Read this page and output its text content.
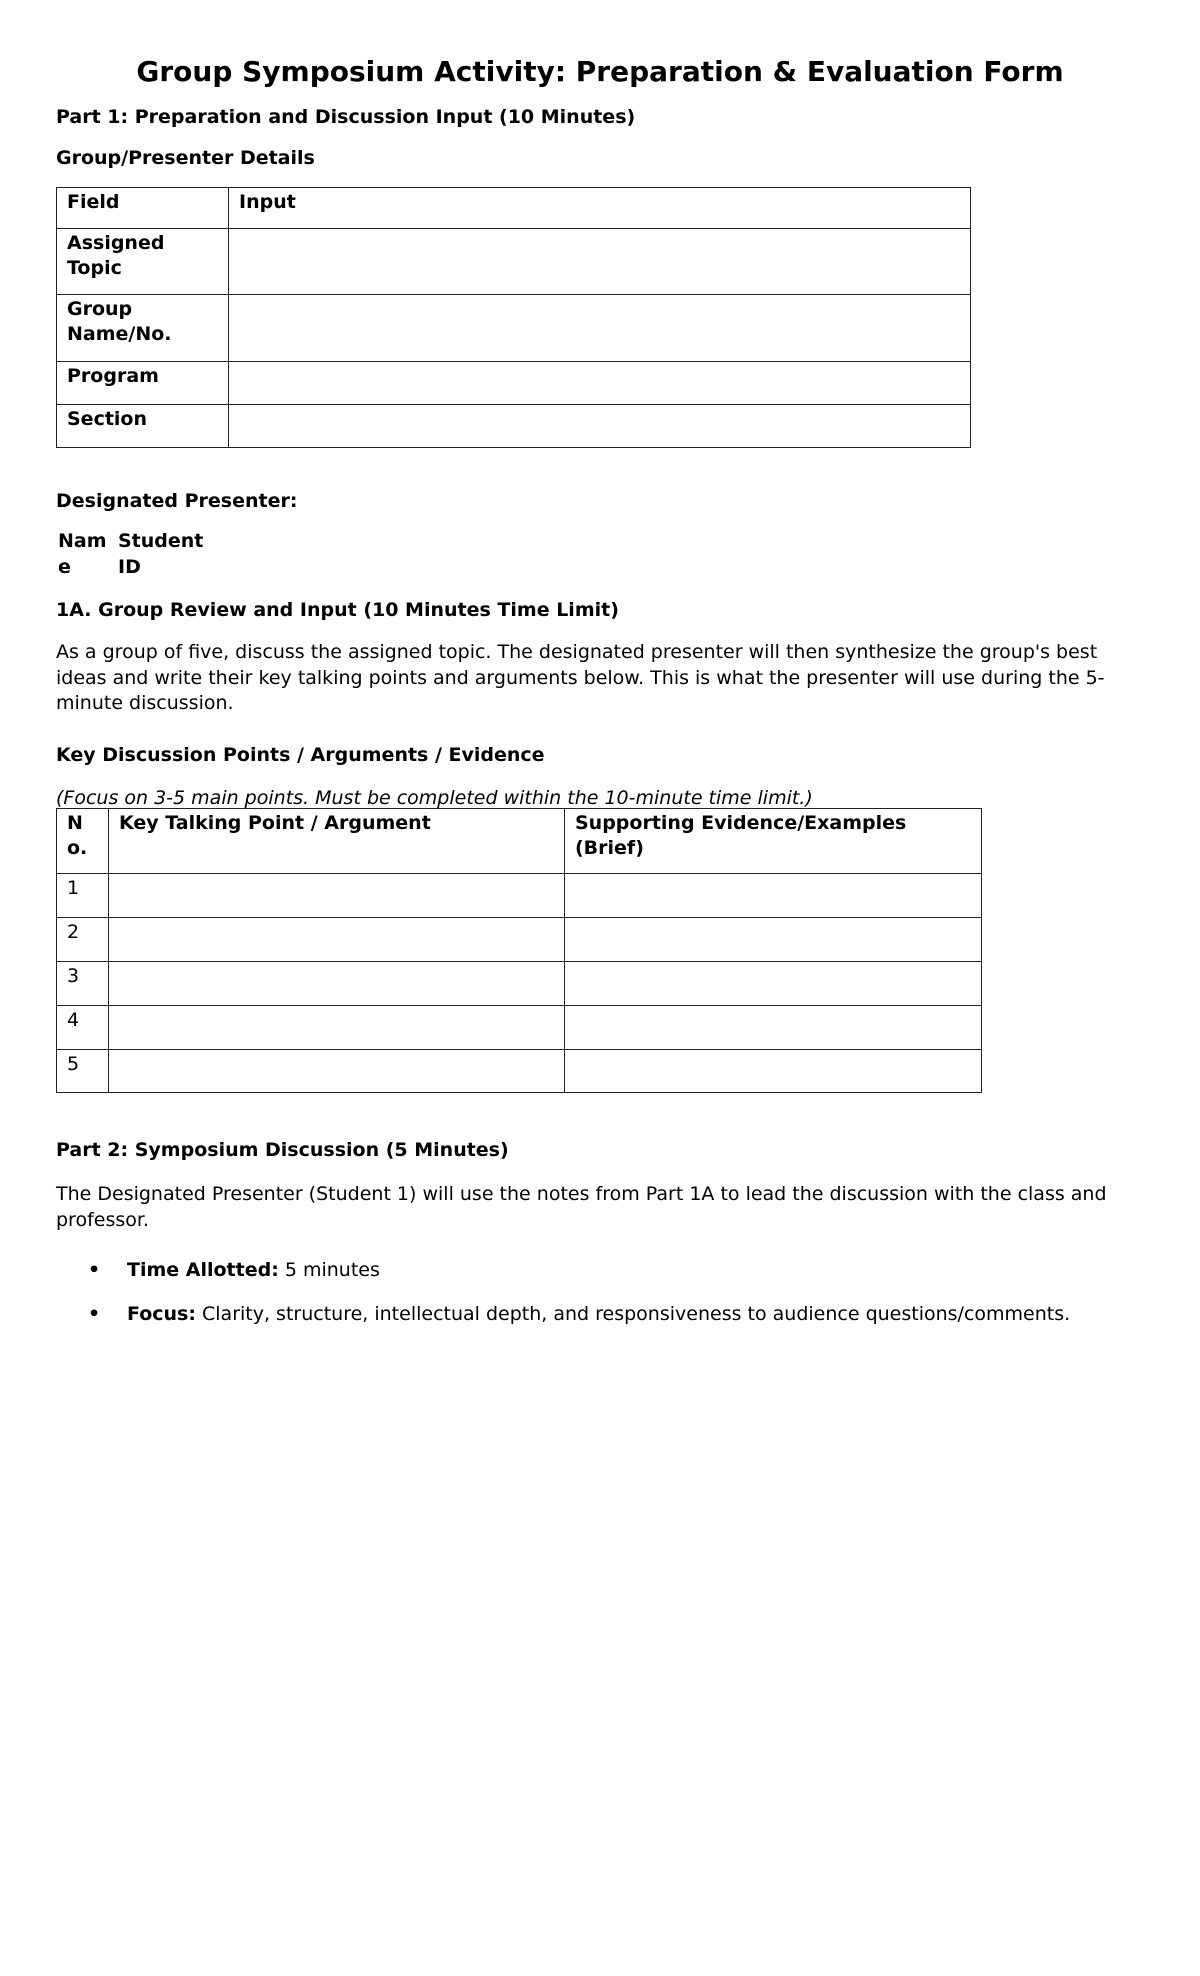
Group Symposium Activity: Preparation & Evaluation Form
Part 1: Preparation and Discussion Input (10 Minutes)
Group/Presenter Details
Field	Input
Assigned Topic	
Group Name/No.	
Program	
Section	
Designated Presenter:
Name	Student ID
1A. Group Review and Input (10 Minutes Time Limit)
As a group of five, discuss the assigned topic. The designated presenter will then synthesize the group's best ideas and write their key talking points and arguments below. This is what the presenter will use during the 5-minute discussion.
Key Discussion Points / Arguments / Evidence
(Focus on 3-5 main points. Must be completed within the 10-minute time limit.)
No.	Key Talking Point / Argument	Supporting Evidence/Examples (Brief)
1		
2		
3		
4		
5		
Part 2: Symposium Discussion (5 Minutes)
The Designated Presenter (Student 1) will use the notes from Part 1A to lead the discussion with the class and professor.
• Time Allotted: 5 minutes
• Focus: Clarity, structure, intellectual depth, and responsiveness to audience questions/comments.
